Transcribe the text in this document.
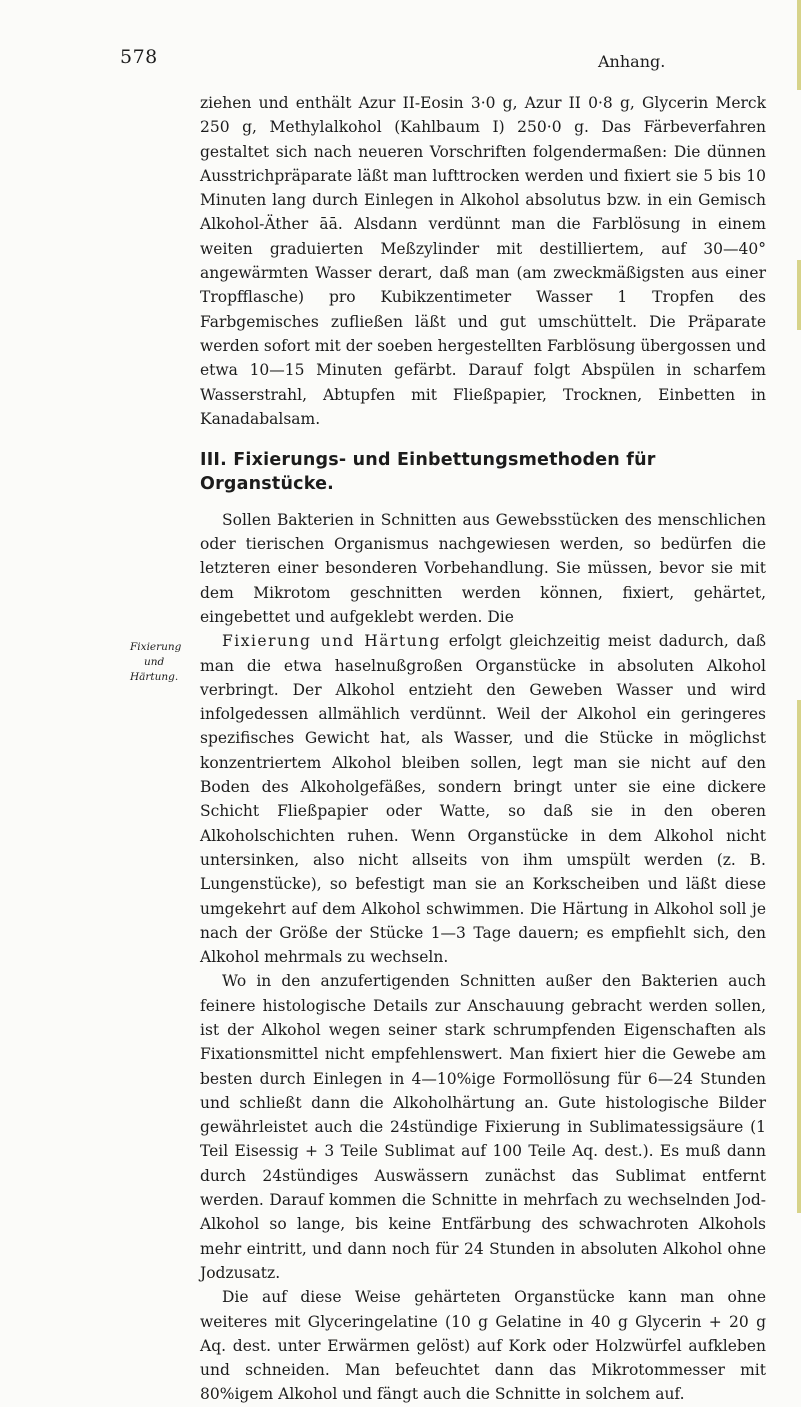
578	Anhang.
Fixierung
und
Härtung.

ziehen und enthält Azur II-Eosin 3·0 g, Azur II 0·8 g, Glycerin Merck 250 g, Methylalkohol (Kahlbaum I) 250·0 g. Das Färbeverfahren gestaltet sich nach neueren Vorschriften folgendermaßen: Die dünnen Ausstrichpräparate läßt man lufttrocken werden und fixiert sie 5 bis 10 Minuten lang durch Einlegen in Alkohol absolutus bzw. in ein Gemisch Alkohol-Äther āā. Alsdann verdünnt man die Farblösung in einem weiten graduierten Meßzylinder mit destilliertem, auf 30—40° angewärmten Wasser derart, daß man (am zweckmäßigsten aus einer Tropfflasche) pro Kubikzentimeter Wasser 1 Tropfen des Farbgemisches zufließen läßt und gut umschüttelt. Die Präparate werden sofort mit der soeben hergestellten Farblösung übergossen und etwa 10—15 Minuten gefärbt. Darauf folgt Abspülen in scharfem Wasserstrahl, Abtupfen mit Fließpapier, Trocknen, Einbetten in Kanadabalsam.

III. Fixierungs- und Einbettungsmethoden für Organstücke.

Sollen Bakterien in Schnitten aus Gewebsstücken des menschlichen oder tierischen Organismus nachgewiesen werden, so bedürfen die letzteren einer besonderen Vorbehandlung. Sie müssen, bevor sie mit dem Mikrotom geschnitten werden können, fixiert, gehärtet, eingebettet und aufgeklebt werden. Die

Fixierung und Härtung erfolgt gleichzeitig meist dadurch, daß man die etwa haselnußgroßen Organstücke in absoluten Alkohol verbringt. Der Alkohol entzieht den Geweben Wasser und wird infolgedessen allmählich verdünnt. Weil der Alkohol ein geringeres spezifisches Gewicht hat, als Wasser, und die Stücke in möglichst konzentriertem Alkohol bleiben sollen, legt man sie nicht auf den Boden des Alkoholgefäßes, sondern bringt unter sie eine dickere Schicht Fließpapier oder Watte, so daß sie in den oberen Alkoholschichten ruhen. Wenn Organstücke in dem Alkohol nicht untersinken, also nicht allseits von ihm umspült werden (z. B. Lungenstücke), so befestigt man sie an Korkscheiben und läßt diese umgekehrt auf dem Alkohol schwimmen. Die Härtung in Alkohol soll je nach der Größe der Stücke 1—3 Tage dauern; es empfiehlt sich, den Alkohol mehrmals zu wechseln.

Wo in den anzufertigenden Schnitten außer den Bakterien auch feinere histologische Details zur Anschauung gebracht werden sollen, ist der Alkohol wegen seiner stark schrumpfenden Eigenschaften als Fixationsmittel nicht empfehlenswert. Man fixiert hier die Gewebe am besten durch Einlegen in 4—10%ige Formollösung für 6—24 Stunden und schließt dann die Alkoholhärtung an. Gute histologische Bilder gewährleistet auch die 24stündige Fixierung in Sublimatessigsäure (1 Teil Eisessig + 3 Teile Sublimat auf 100 Teile Aq. dest.). Es muß dann durch 24stündiges Auswässern zunächst das Sublimat entfernt werden. Darauf kommen die Schnitte in mehrfach zu wechselnden Jod-Alkohol so lange, bis keine Entfärbung des schwachroten Alkohols mehr eintritt, und dann noch für 24 Stunden in absoluten Alkohol ohne Jodzusatz.

Die auf diese Weise gehärteten Organstücke kann man ohne weiteres mit Glyceringelatine (10 g Gelatine in 40 g Glycerin + 20 g Aq. dest. unter Erwärmen gelöst) auf Kork oder Holzwürfel aufkleben und schneiden. Man befeuchtet dann das Mikrotommesser mit 80%igem Alkohol und fängt auch die Schnitte in solchem auf.
